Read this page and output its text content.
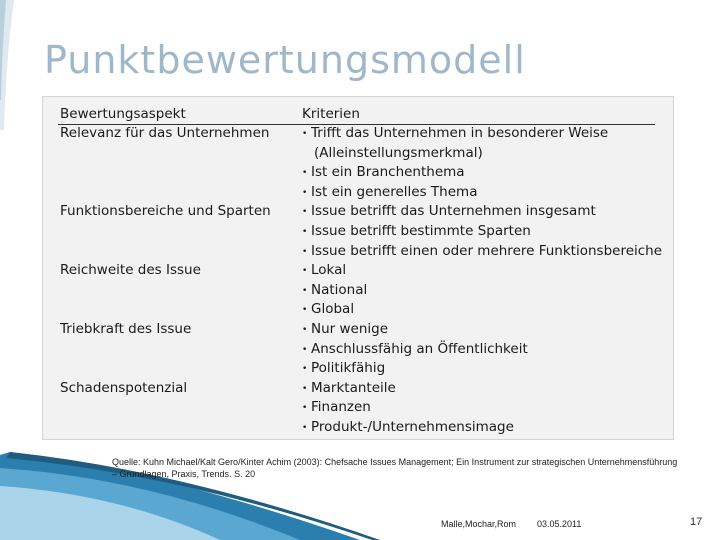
Punktbewertungsmodell
Bewertungsaspekt	Kriterien
Relevanz für das Unternehmen	• Trifft das Unternehmen in besonderer Weise
(Alleinstellungsmerkmal)
• Ist ein Branchenthema
• Ist ein generelles Thema
Funktionsbereiche und Sparten	• Issue betrifft das Unternehmen insgesamt
• Issue betrifft bestimmte Sparten
• Issue betrifft einen oder mehrere Funktionsbereiche
Reichweite des Issue	• Lokal
• National
• Global
Triebkraft des Issue	• Nur wenige
• Anschlussfähig an Öffentlichkeit
• Politikfähig
Schadenspotenzial	• Marktanteile
• Finanzen
• Produkt-/Unternehmensimage
Quelle: Kuhn Michael/Kalt Gero/Kinter Achim (2003): Chefsache Issues Management; Ein Instrument zur strategischen Unternehmensführung – Grundlagen, Praxis, Trends. S. 20
Malle,Mochar,Rom 03.05.2011	17
